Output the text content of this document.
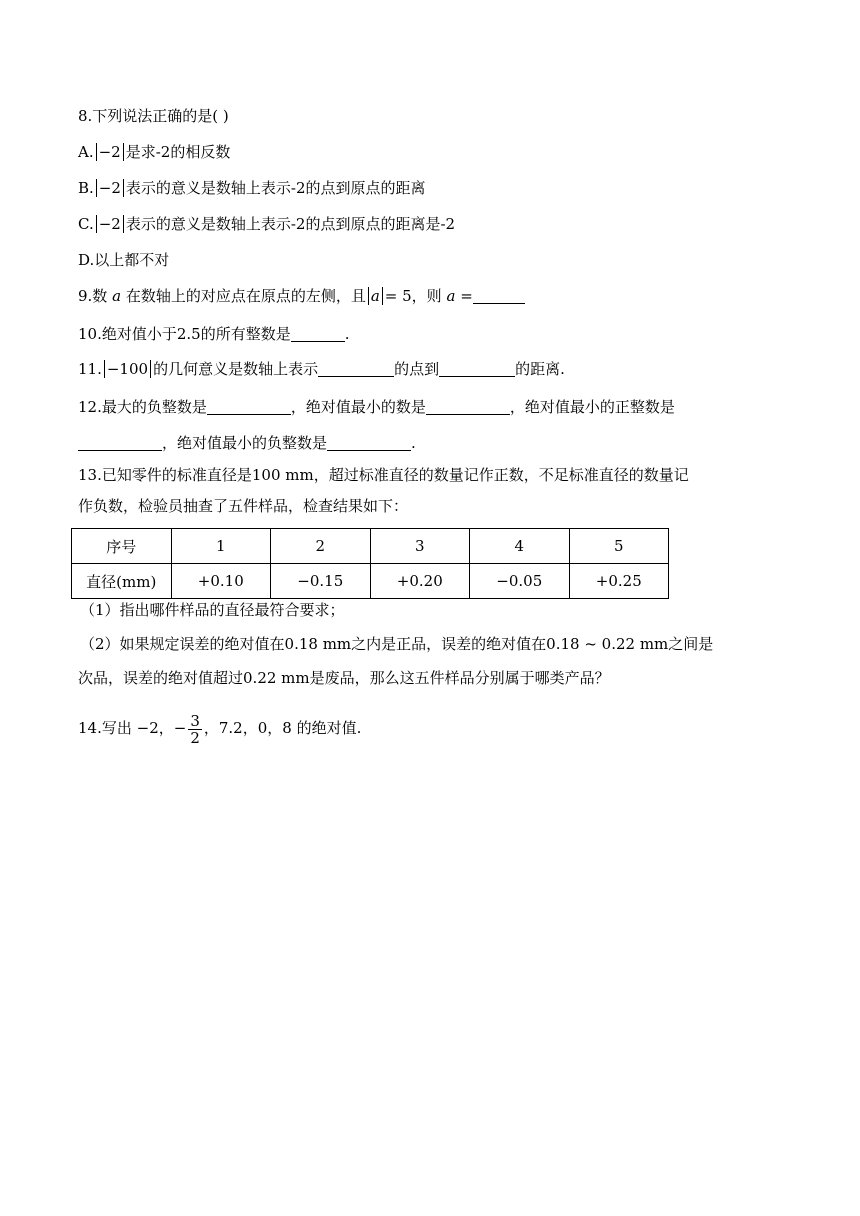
8.下列说法正确的是( )
A. −2 是求-2的相反数
B. −2 表示的意义是数轴上表示-2的点到原点的距离
C. −2 表示的意义是数轴上表示-2的点到原点的距离是-2
D.以上都不对
9.数 a 在数轴上的对应点在原点的左侧，且 a = 5，则 a =
10.绝对值小于2.5的所有整数是	.
11. −100 的几何意义是数轴上表示	的点到	的距离.
12.最大的负整数是	，绝对值最小的数是	，绝对值最小的正整数是
，绝对值最小的负整数是	.
13.已知零件的标准直径是100 mm，超过标准直径的数量记作正数，不足标准直径的数量记
作负数，检验员抽查了五件样品，检查结果如下：
序号	1	2	3	4	5
直径(mm)	+0.10	−0.15	+0.20	−0.05	+0.25
（1）指出哪件样品的直径最符合要求；
（2）如果规定误差的绝对值在0.18 mm之内是正品，误差的绝对值在0.18 ~ 0.22 mm之间是
次品，误差的绝对值超过0.22 mm是废品，那么这五件样品分别属于哪类产品？
14.写出 −2，− $\frac{3}{2}$ ，7.2，0，8 的绝对值.
